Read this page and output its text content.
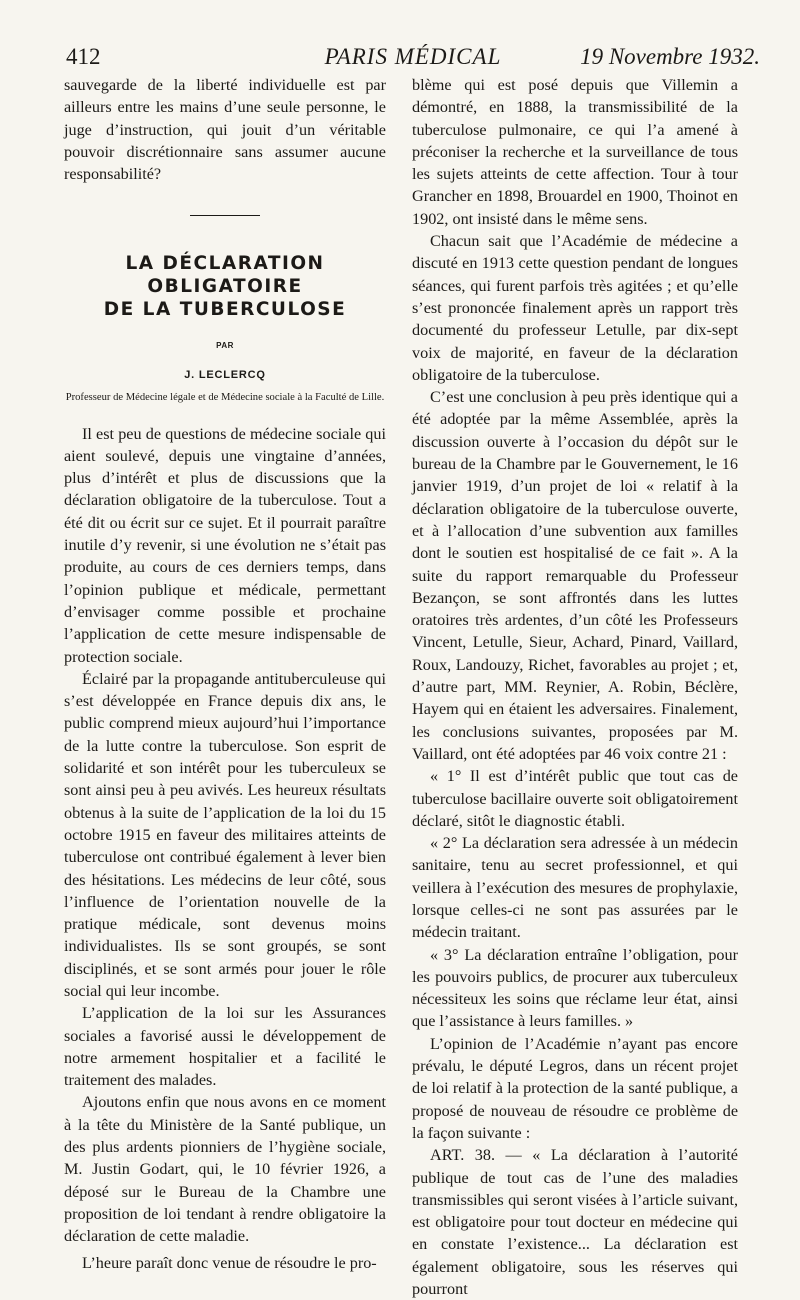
412	PARIS MÉDICAL	19 Novembre 1932.

sauvegarde de la liberté individuelle est par ailleurs entre les mains d’une seule personne, le juge d’instruction, qui jouit d’un véritable pouvoir discrétionnaire sans assumer aucune responsabilité?

LA DÉCLARATION
OBLIGATOIRE
DE LA TUBERCULOSE
PAR
J. LECLERCQ
Professeur de Médecine légale et de Médecine sociale à la Faculté de Lille.

Il est peu de questions de médecine sociale qui aient soulevé, depuis une vingtaine d’années, plus d’intérêt et plus de discussions que la déclaration obligatoire de la tuberculose. Tout a été dit ou écrit sur ce sujet. Et il pourrait paraître inutile d’y revenir, si une évolution ne s’était pas produite, au cours de ces derniers temps, dans l’opinion publique et médicale, permettant d’envisager comme possible et prochaine l’application de cette mesure indispensable de protection sociale.

Éclairé par la propagande antituberculeuse qui s’est développée en France depuis dix ans, le public comprend mieux aujourd’hui l’importance de la lutte contre la tuberculose. Son esprit de solidarité et son intérêt pour les tuberculeux se sont ainsi peu à peu avivés. Les heureux résultats obtenus à la suite de l’application de la loi du 15 octobre 1915 en faveur des militaires atteints de tuberculose ont contribué également à lever bien des hésitations. Les médecins de leur côté, sous l’influence de l’orientation nouvelle de la pratique médicale, sont devenus moins individualistes. Ils se sont groupés, se sont disciplinés, et se sont armés pour jouer le rôle social qui leur incombe.

L’application de la loi sur les Assurances sociales a favorisé aussi le développement de notre armement hospitalier et a facilité le traitement des malades.

Ajoutons enfin que nous avons en ce moment à la tête du Ministère de la Santé publique, un des plus ardents pionniers de l’hygiène sociale, M. Justin Godart, qui, le 10 février 1926, a déposé sur le Bureau de la Chambre une proposition de loi tendant à rendre obligatoire la déclaration de cette maladie.

L’heure paraît donc venue de résoudre le pro-

blème qui est posé depuis que Villemin a démontré, en 1888, la transmissibilité de la tuberculose pulmonaire, ce qui l’a amené à préconiser la recherche et la surveillance de tous les sujets atteints de cette affection. Tour à tour Grancher en 1898, Brouardel en 1900, Thoinot en 1902, ont insisté dans le même sens.

Chacun sait que l’Académie de médecine a discuté en 1913 cette question pendant de longues séances, qui furent parfois très agitées ; et qu’elle s’est prononcée finalement après un rapport très documenté du professeur Letulle, par dix-sept voix de majorité, en faveur de la déclaration obligatoire de la tuberculose.

C’est une conclusion à peu près identique qui a été adoptée par la même Assemblée, après la discussion ouverte à l’occasion du dépôt sur le bureau de la Chambre par le Gouvernement, le 16 janvier 1919, d’un projet de loi « relatif à la déclaration obligatoire de la tuberculose ouverte, et à l’allocation d’une subvention aux familles dont le soutien est hospitalisé de ce fait ». A la suite du rapport remarquable du Professeur Bezançon, se sont affrontés dans les luttes oratoires très ardentes, d’un côté les Professeurs Vincent, Letulle, Sieur, Achard, Pinard, Vaillard, Roux, Landouzy, Richet, favorables au projet ; et, d’autre part, MM. Reynier, A. Robin, Béclère, Hayem qui en étaient les adversaires. Finalement, les conclusions suivantes, proposées par M. Vaillard, ont été adoptées par 46 voix contre 21 :

« 1° Il est d’intérêt public que tout cas de tuberculose bacillaire ouverte soit obligatoirement déclaré, sitôt le diagnostic établi.

« 2° La déclaration sera adressée à un médecin sanitaire, tenu au secret professionnel, et qui veillera à l’exécution des mesures de prophylaxie, lorsque celles-ci ne sont pas assurées par le médecin traitant.

« 3° La déclaration entraîne l’obligation, pour les pouvoirs publics, de procurer aux tuberculeux nécessiteux les soins que réclame leur état, ainsi que l’assistance à leurs familles. »

L’opinion de l’Académie n’ayant pas encore prévalu, le député Legros, dans un récent projet de loi relatif à la protection de la santé publique, a proposé de nouveau de résoudre ce problème de la façon suivante :

ART. 38. — « La déclaration à l’autorité publique de tout cas de l’une des maladies transmissibles qui seront visées à l’article suivant, est obligatoire pour tout docteur en médecine qui en constate l’existence... La déclaration est également obligatoire, sous les réserves qui pourront
